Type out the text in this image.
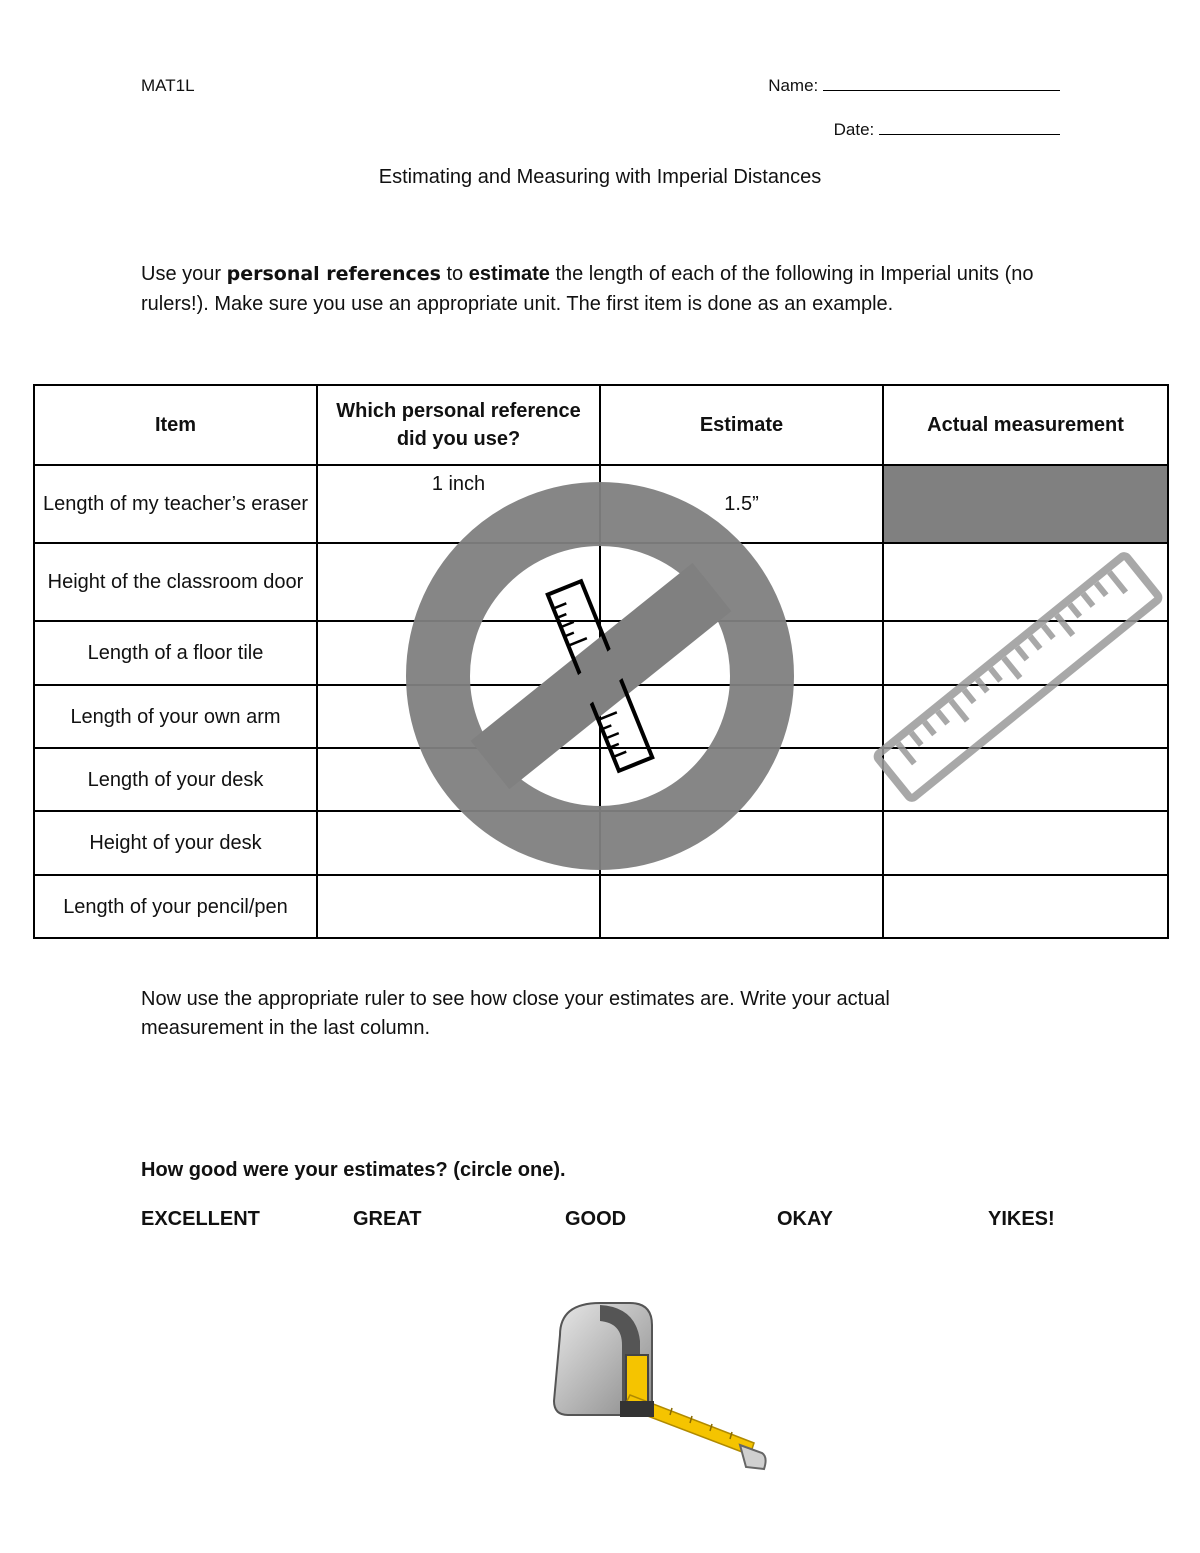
MAT1L	Name:
Date:
Estimating and Measuring with Imperial Distances
Use your personal references to estimate the length of each of the following in Imperial units (no rulers!). Make sure you use an appropriate unit. The first item is done as an example.
Item	Which personal reference did you use?	Estimate	Actual measurement
Length of my teacher’s eraser	1 inch	1.5”	
Height of the classroom door			
Length of a floor tile			
Length of your own arm			
Length of your desk			
Height of your desk			
Length of your pencil/pen			
Now use the appropriate ruler to see how close your estimates are. Write your actual measurement in the last column.
How good were your estimates? (circle one).
EXCELLENT	GREAT	GOOD	OKAY	YIKES!
